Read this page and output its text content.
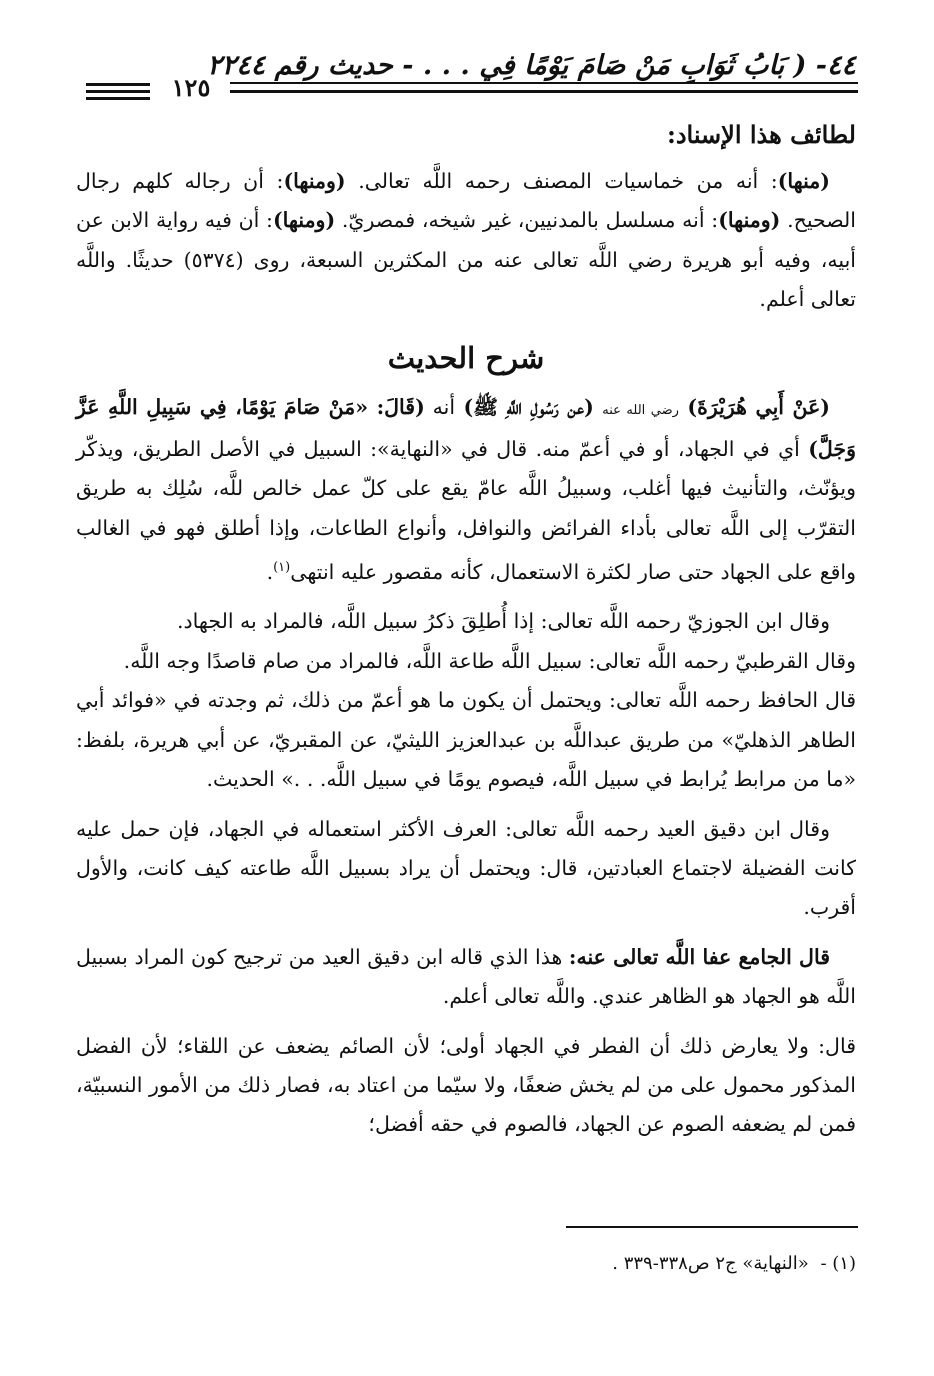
٤٤- ( بَابُ ثَوَابِ مَنْ صَامَ يَوْمًا فِي . . . - حديث رقم ٢٢٤٤
١٢٥
لطائف هذا الإسناد:

(منها): أنه من خماسيات المصنف رحمه اللَّه تعالى. (ومنها): أن رجاله كلهم رجال الصحيح. (ومنها): أنه مسلسل بالمدنيين، غير شيخه، فمصريّ. (ومنها): أن فيه رواية الابن عن أبيه، وفيه أبو هريرة رضي اللَّه تعالى عنه من المكثرين السبعة، روى (٥٣٧٤) حديثًا. واللَّه تعالى أعلم.

شرح الحديث

(عَنْ أَبِي هُرَيْرَةَ) رضي الله عنه (عن رَسُولِ اللَّهِ ﷺ) أنه (قَالَ: «مَنْ صَامَ يَوْمًا، فِي سَبِيلِ اللَّهِ عَزَّ وَجَلَّ) أي في الجهاد، أو في أعمّ منه. قال في «النهاية»: السبيل في الأصل الطريق، ويذكّر ويؤنّث، والتأنيث فيها أغلب، وسبيلُ اللَّه عامّ يقع على كلّ عمل خالص للَّه، سُلِك به طريق التقرّب إلى اللَّه تعالى بأداء الفرائض والنوافل، وأنواع الطاعات، وإذا أطلق فهو في الغالب واقع على الجهاد حتى صار لكثرة الاستعمال، كأنه مقصور عليه انتهى$^{(١)}$.

وقال ابن الجوزيّ رحمه اللَّه تعالى: إذا أُطلِقَ ذكرُ سبيل اللَّه، فالمراد به الجهاد.
وقال القرطبيّ رحمه اللَّه تعالى: سبيل اللَّه طاعة اللَّه، فالمراد من صام قاصدًا وجه اللَّه.
قال الحافظ رحمه اللَّه تعالى: ويحتمل أن يكون ما هو أعمّ من ذلك، ثم وجدته في «فوائد أبي الطاهر الذهليّ» من طريق عبداللَّه بن عبدالعزيز الليثيّ، عن المقبريّ، عن أبي هريرة، بلفظ: «ما من مرابط يُرابط في سبيل اللَّه، فيصوم يومًا في سبيل اللَّه. . .» الحديث.

وقال ابن دقيق العيد رحمه اللَّه تعالى: العرف الأكثر استعماله في الجهاد، فإن حمل عليه كانت الفضيلة لاجتماع العبادتين، قال: ويحتمل أن يراد بسبيل اللَّه طاعته كيف كانت، والأول أقرب.

قال الجامع عفا اللَّه تعالى عنه: هذا الذي قاله ابن دقيق العيد من ترجيح كون المراد بسبيل اللَّه هو الجهاد هو الظاهر عندي. واللَّه تعالى أعلم.

قال: ولا يعارض ذلك أن الفطر في الجهاد أولى؛ لأن الصائم يضعف عن اللقاء؛ لأن الفضل المذكور محمول على من لم يخش ضعفًا، ولا سيّما من اعتاد به، فصار ذلك من الأمور النسبيّة، فمن لم يضعفه الصوم عن الجهاد، فالصوم في حقه أفضل؛

(١) - «النهاية» ج٢ ص٣٣٨-٣٣٩ .
